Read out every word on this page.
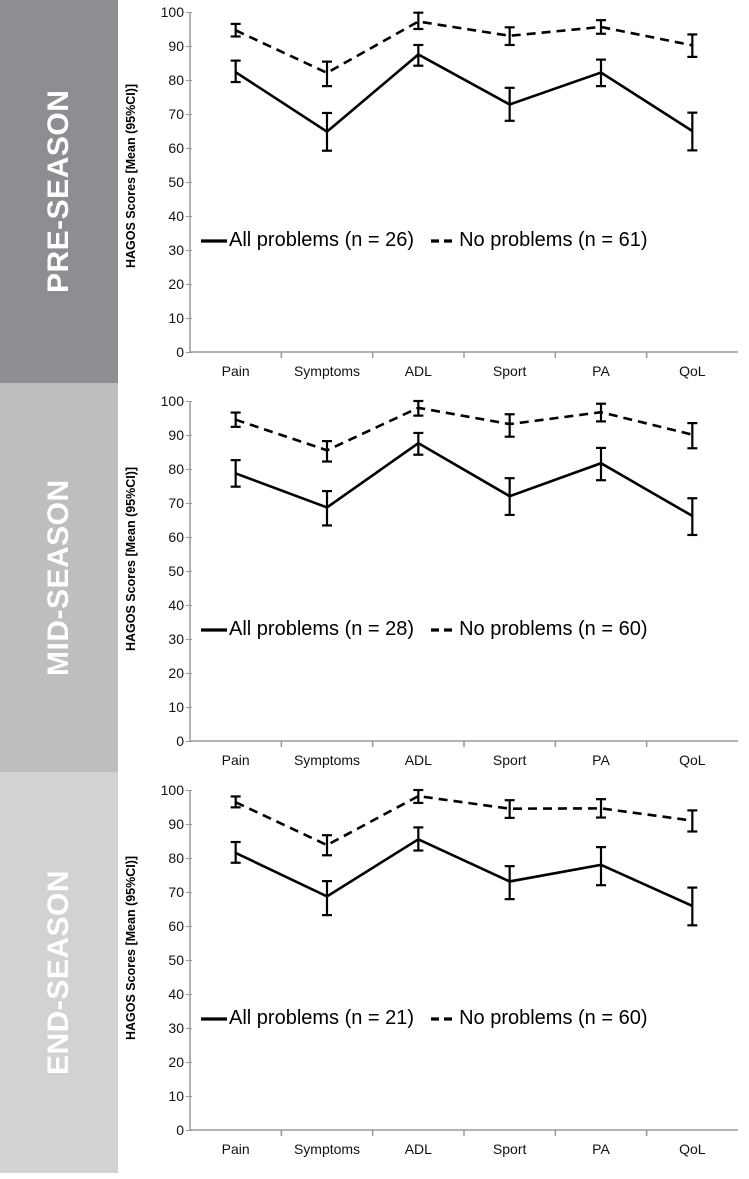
PRE-SEASON	HAGOS Scores [Mean (95%CI)]
0
10
20
30
40
50
60
70
80
90
100
Pain	Symptoms	ADL	Sport	PA	QoL
All problems (n = 26) No problems (n = 61)
MID-SEASON	HAGOS Scores [Mean (95%CI)]
0
10
20
30
40
50
60
70
80
90
100
Pain	Symptoms	ADL	Sport	PA	QoL
All problems (n = 28) No problems (n = 60)
END-SEASON	HAGOS Scores [Mean (95%CI)]
0
10
20
30
40
50
60
70
80
90
100
Pain	Symptoms	ADL	Sport	PA	QoL
All problems (n = 21) No problems (n = 60)
